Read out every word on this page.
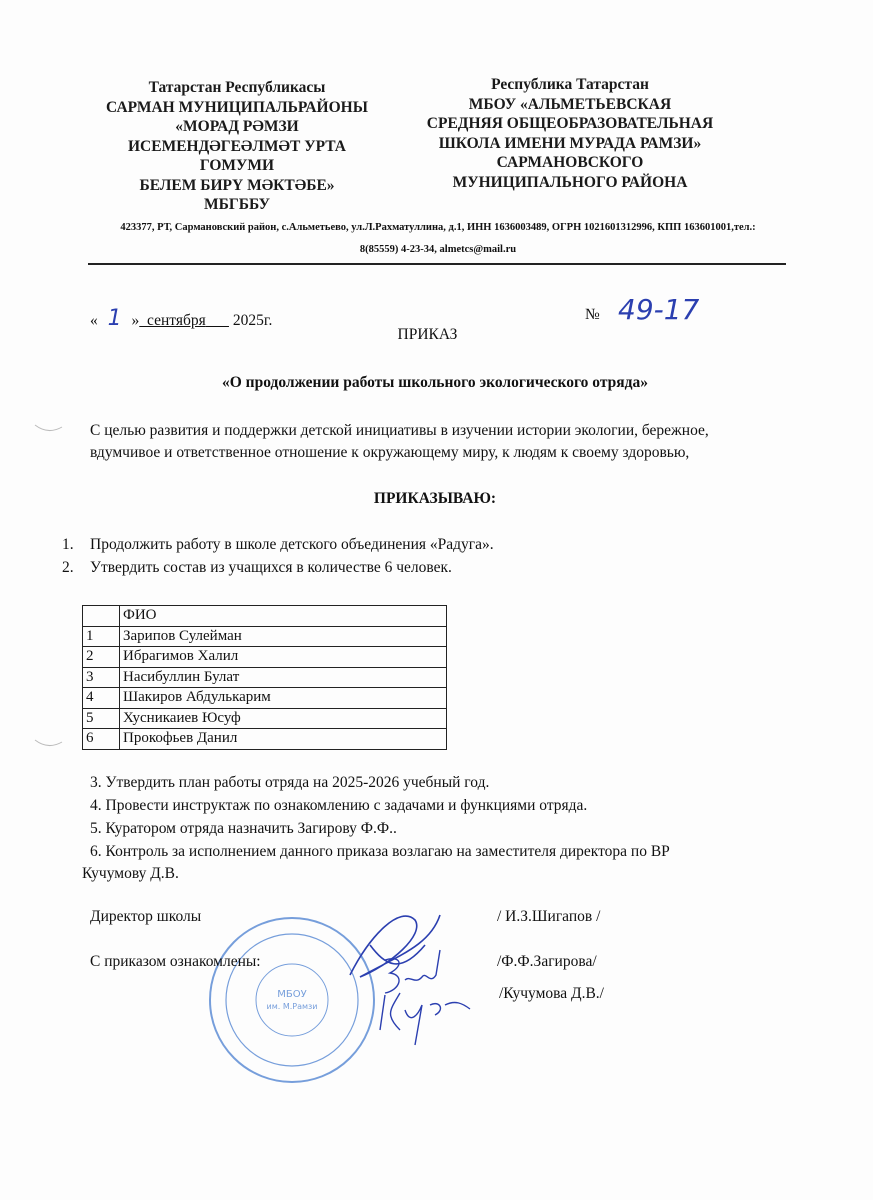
Татарстан Республикасы
САРМАН МУНИЦИПАЛЬРАЙОНЫ
«МОРАД РӘМЗИ
ИСЕМЕНДӘГЕӘЛМӘТ УРТА
ГОМУМИ
БЕЛЕМ БИРҮ МӘКТӘБЕ»
МБГББУ
Республика Татарстан
МБОУ «АЛЬМЕТЬЕВСКАЯ
СРЕДНЯЯ ОБЩЕОБРАЗОВАТЕЛЬНАЯ
ШКОЛА ИМЕНИ МУРАДА РАМЗИ»
САРМАНОВСКОГО
МУНИЦИПАЛЬНОГО РАЙОНА
423377, РТ, Сармановский район, с.Альметьево, ул.Л.Рахматуллина, д.1, ИНН 1636003489, ОГРН 1021601312996, КПП 163601001,тел.:
8(85559) 4-23-34, almetcs@mail.ru
« 1 » сентября 2025г.	№ 49-17
ПРИКАЗ
«О продолжении работы школьного экологического отряда»
С целью развития и поддержки детской инициативы в изучении истории экологии, бережное,
вдумчивое и ответственное отношение к окружающему миру, к людям к своему здоровью,
ПРИКАЗЫВАЮ:
1. Продолжить работу в школе детского объединения «Радуга».
2. Утвердить состав из учащихся в количестве 6 человек.
	ФИО
1	Зарипов Сулейман
2	Ибрагимов Халил
3	Насибуллин Булат
4	Шакиров Абдулькарим
5	Хусникаиев Юсуф
6	Прокофьев Данил
3. Утвердить план работы отряда на 2025-2026 учебный год.
4. Провести инструктаж по ознакомлению с задачами и функциями отряда.
5. Куратором отряда назначить Загирову Ф.Ф..
6. Контроль за исполнением данного приказа возлагаю на заместителя директора по ВР
Кучумову Д.В.
МБОУ
им. М.Рамзи
Директор школы	/ И.З.Шигапов /
С приказом ознакомлены:	/Ф.Ф.Загирова/
/Кучумова Д.В./
